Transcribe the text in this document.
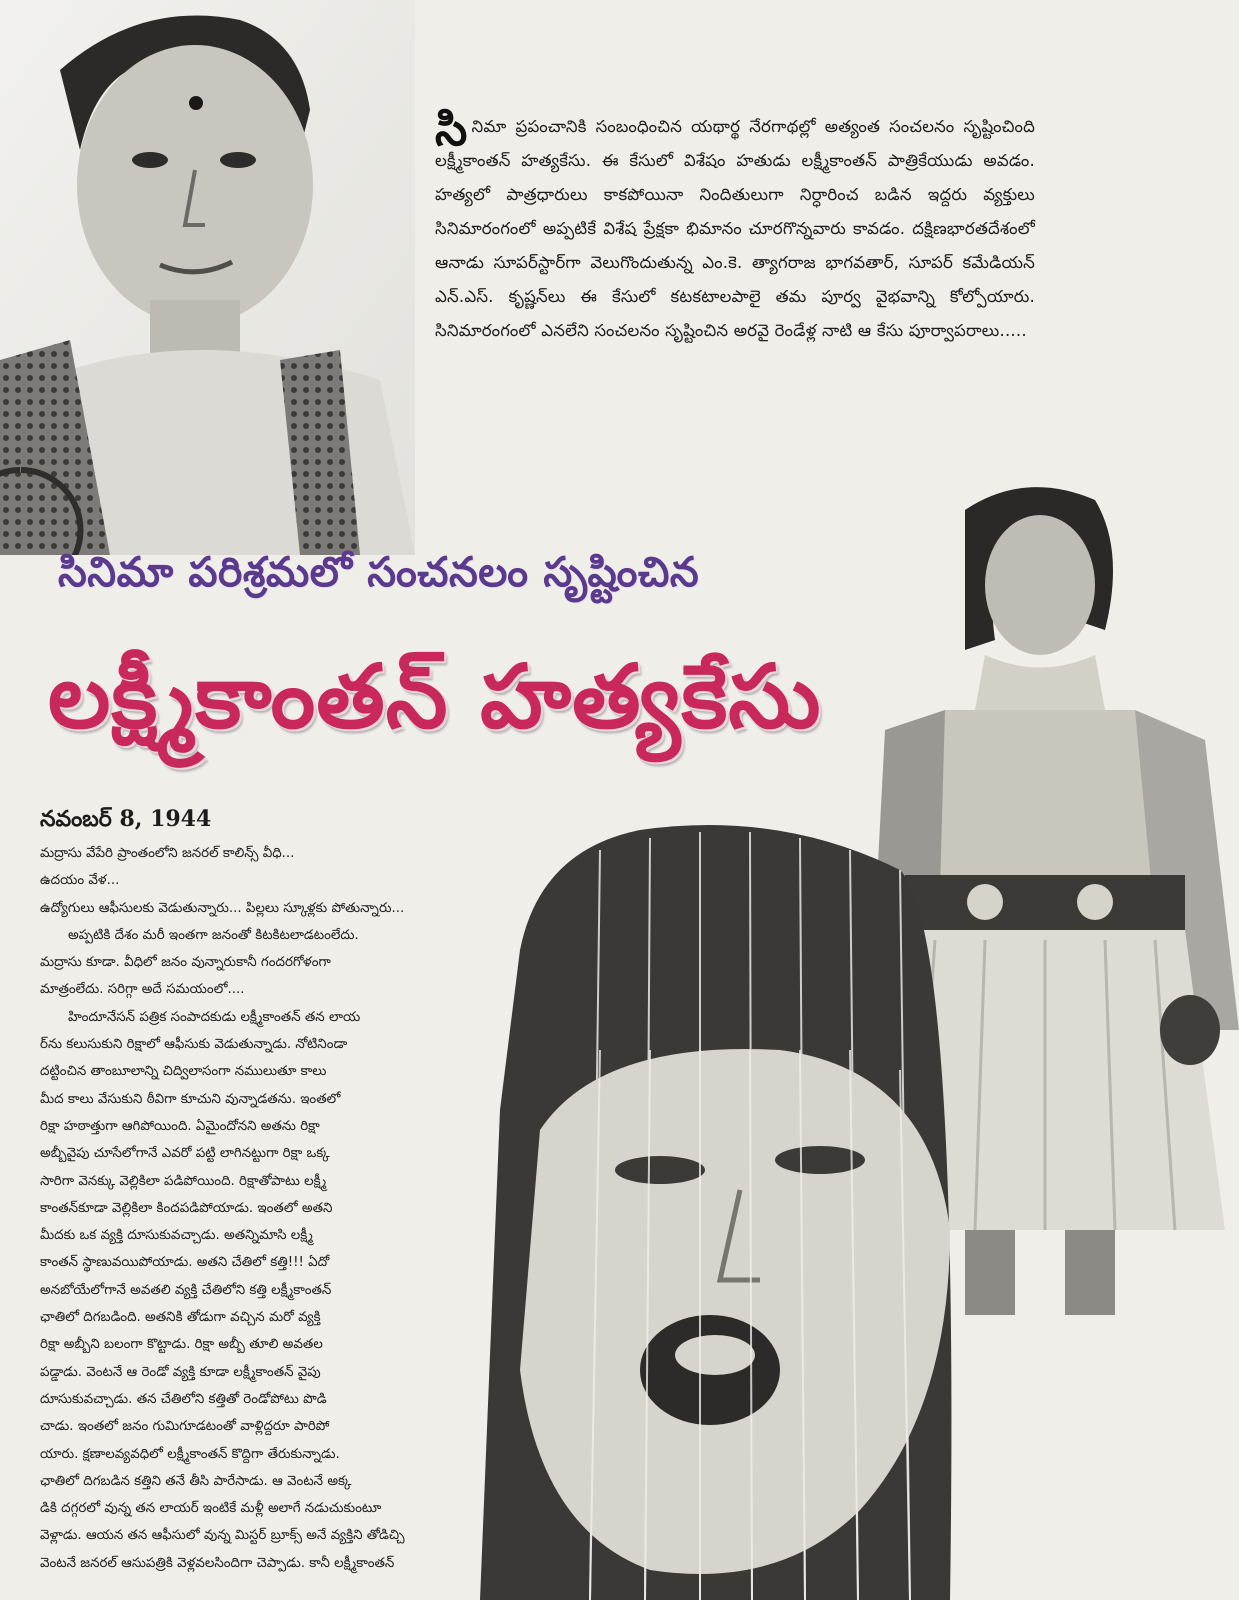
సినిమా ప్రపంచానికి సంబంధించిన యథార్థ నేరగాథల్లో అత్యంత సంచలనం సృష్టించింది లక్ష్మీకాంతన్ హత్యకేసు. ఈ కేసులో విశేషం హతుడు లక్ష్మీకాంతన్ పాత్రికేయుడు అవడం. హత్యలో పాత్రధారులు కాకపోయినా నిందితులుగా నిర్ధారించ బడిన ఇద్దరు వ్యక్తులు సినిమారంగంలో అప్పటికే విశేష ప్రేక్షకా భిమానం చూరగొన్నవారు కావడం. దక్షిణభారతదేశంలో ఆనాడు సూపర్‌స్టార్‌గా వెలుగొందుతున్న ఎం.కె. త్యాగరాజ భాగవతార్, సూపర్ కమేడియన్ ఎన్.ఎస్. కృష్ణన్‌లు ఈ కేసులో కటకటాలపాలై తమ పూర్వ వైభవాన్ని కోల్పోయారు. సినిమారంగంలో ఎనలేని సంచలనం సృష్టించిన అరవై రెండేళ్ల నాటి ఆ కేసు పూర్వాపరాలు.....
సినిమా పరిశ్రమలో సంచనలం సృష్టించిన
లక్ష్మీకాంతన్ హత్యకేసు
నవంబర్ 8, 1944
మద్రాసు వేపేరి ప్రాంతంలోని జనరల్ కాలిన్స్ వీధి...
ఉదయం వేళ...
ఉద్యోగులు ఆఫీసులకు వెడుతున్నారు... పిల్లలు స్కూళ్లకు పోతున్నారు...
అప్పటికి దేశం మరీ ఇంతగా జనంతో కిటకిటలాడటంలేదు.
మద్రాసు కూడా. వీధిలో జనం వున్నారుకానీ గందరగోళంగా
మాత్రంలేదు. సరిగ్గా అదే సమయంలో....
హిందూనేసన్ పత్రిక సంపాదకుడు లక్ష్మీకాంతన్ తన లాయ
ర్‌ను కలుసుకుని రిక్షాలో ఆఫీసుకు వెడుతున్నాడు. నోటినిండా
దట్టించిన తాంబూలాన్ని చిద్విలాసంగా నములుతూ కాలు
మీద కాలు వేసుకుని ఠీవిగా కూచుని వున్నాడతను. ఇంతలో
రిక్షా హఠాత్తుగా ఆగిపోయింది. ఏమైందోనని అతను రిక్షా
అబ్బీవైపు చూసేలోగానే ఎవరో పట్టి లాగినట్టుగా రిక్షా ఒక్క
సారిగా వెనక్కు వెల్లికిలా పడిపోయింది. రిక్షాతోపాటు లక్ష్మీ
కాంతన్‌కూడా వెల్లికిలా కిందపడిపోయాడు. ఇంతలో అతని
మీదకు ఒక వ్యక్తి దూసుకువచ్చాడు. అతన్నిమాసి లక్ష్మీ
కాంతన్ స్థాణువయిపోయాడు. అతని చేతిలో కత్తి!!! ఏదో
అనబోయేలోగానే అవతలి వ్యక్తి చేతిలోని కత్తి లక్ష్మీకాంతన్
ఛాతిలో దిగబడింది. అతనికి తోడుగా వచ్చిన మరో వ్యక్తి
రిక్షా అబ్బీని బలంగా కొట్టాడు. రిక్షా అబ్బీ తూలి అవతల
పడ్డాడు. వెంటనే ఆ రెండో వ్యక్తి కూడా లక్ష్మీకాంతన్ వైపు
దూసుకువచ్చాడు. తన చేతిలోని కత్తితో రెండోపోటు పొడి
చాడు. ఇంతలో జనం గుమిగూడటంతో వాళ్లిద్దరూ పారిపో
యారు. క్షణాలవ్యవధిలో లక్ష్మీకాంతన్ కొద్దిగా తేరుకున్నాడు.
ఛాతిలో దిగబడిన కత్తిని తనే తీసి పారేసాడు. ఆ వెంటనే అక్క
డికి దగ్గరలో వున్న తన లాయర్ ఇంటికే మళ్లీ అలాగే నడుచుకుంటూ
వెళ్లాడు. ఆయన తన ఆఫీసులో వున్న మిస్టర్ బ్రూక్స్ అనే వ్యక్తిని తోడిచ్చి
వెంటనే జనరల్ ఆసుపత్రికి వెళ్లవలసిందిగా చెప్పాడు. కానీ లక్ష్మీకాంతన్
